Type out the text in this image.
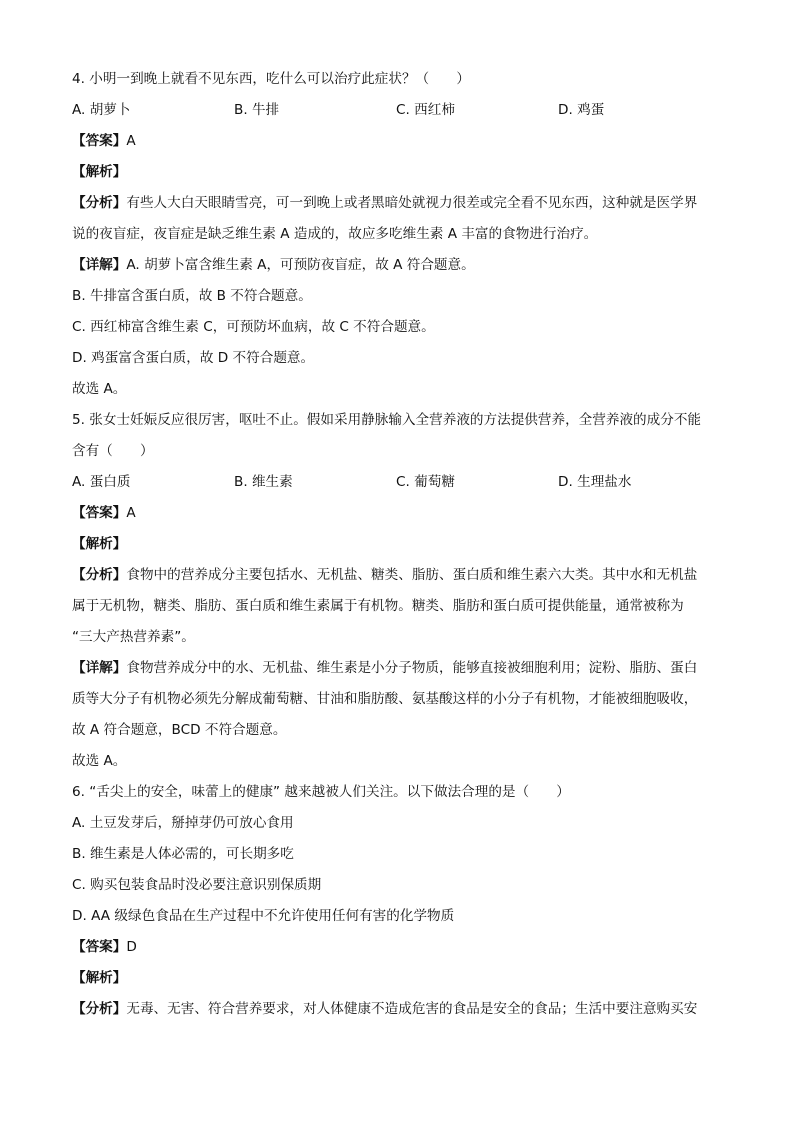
4. 小明一到晚上就看不见东西，吃什么可以治疗此症状？（　　）
A. 胡萝卜	B. 牛排	C. 西红柿	D. 鸡蛋
【答案】A
【解析】
【分析】有些人大白天眼睛雪亮，可一到晚上或者黑暗处就视力很差或完全看不见东西，这种就是医学界
说的夜盲症，夜盲症是缺乏维生素 A 造成的，故应多吃维生素 A 丰富的食物进行治疗。
【详解】A. 胡萝卜富含维生素 A，可预防夜盲症，故 A 符合题意。
B. 牛排富含蛋白质，故 B 不符合题意。
C. 西红柿富含维生素 C，可预防坏血病，故 C 不符合题意。
D. 鸡蛋富含蛋白质，故 D 不符合题意。
故选 A。
5. 张女士妊娠反应很厉害，呕吐不止。假如采用静脉输入全营养液的方法提供营养，全营养液的成分不能
含有（　　）
A. 蛋白质	B. 维生素	C. 葡萄糖	D. 生理盐水
【答案】A
【解析】
【分析】食物中的营养成分主要包括水、无机盐、糖类、脂肪、蛋白质和维生素六大类。其中水和无机盐
属于无机物，糖类、脂肪、蛋白质和维生素属于有机物。糖类、脂肪和蛋白质可提供能量，通常被称为
“三大产热营养素”。
【详解】食物营养成分中的水、无机盐、维生素是小分子物质，能够直接被细胞利用；淀粉、脂肪、蛋白
质等大分子有机物必须先分解成葡萄糖、甘油和脂肪酸、氨基酸这样的小分子有机物，才能被细胞吸收，
故 A 符合题意，BCD 不符合题意。
故选 A。
6. “舌尖上的安全，味蕾上的健康” 越来越被人们关注。以下做法合理的是（　　）
A. 土豆发芽后，掰掉芽仍可放心食用
B. 维生素是人体必需的，可长期多吃
C. 购买包装食品时没必要注意识别保质期
D. AA 级绿色食品在生产过程中不允许使用任何有害的化学物质
【答案】D
【解析】
【分析】无毒、无害、符合营养要求，对人体健康不造成危害的食品是安全的食品；生活中要注意购买安
